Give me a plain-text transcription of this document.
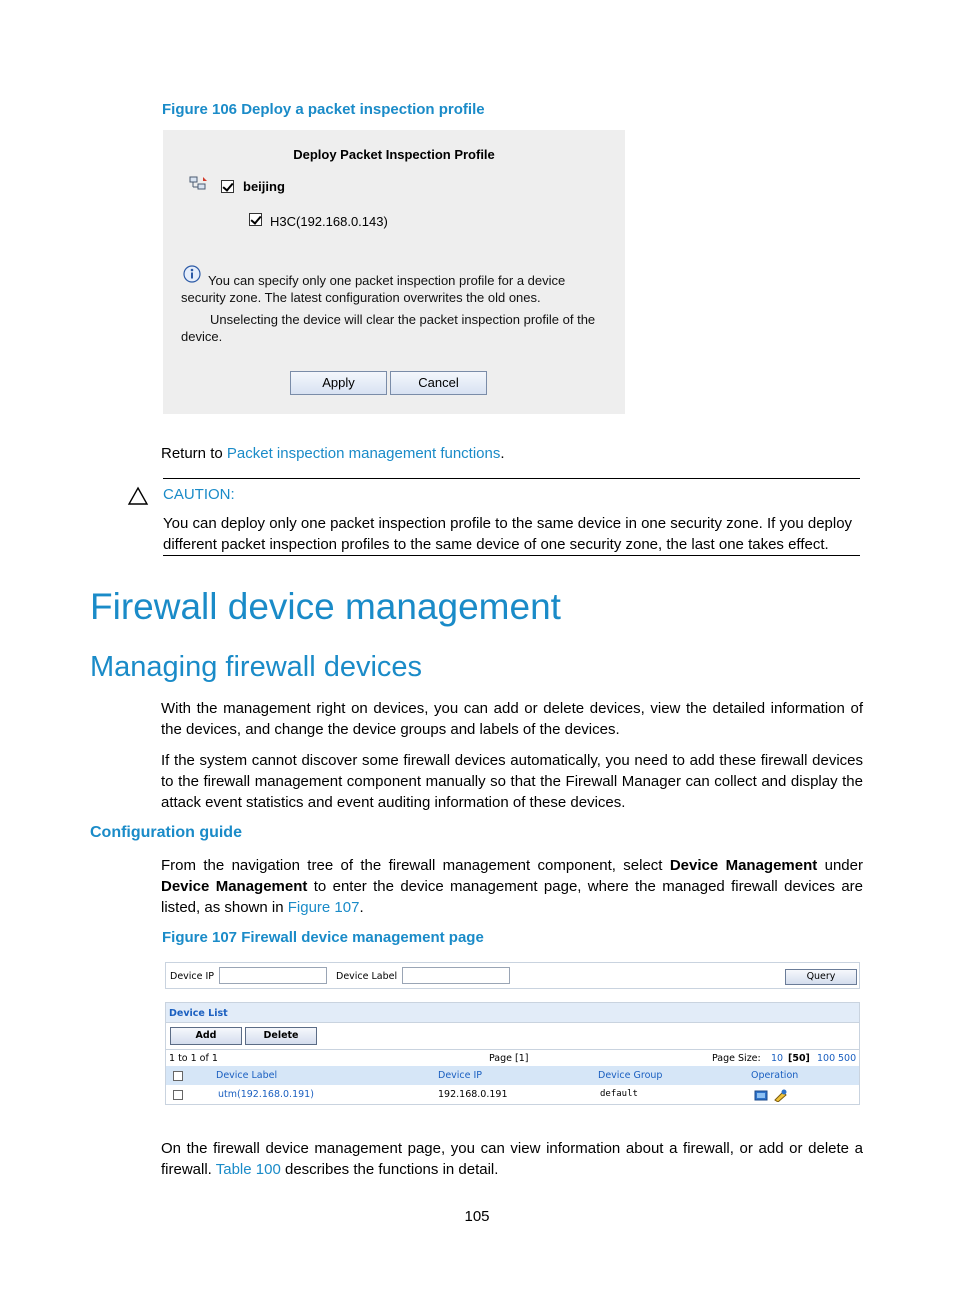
Figure 106 Deploy a packet inspection profile
Deploy Packet Inspection Profile
beijing
H3C(192.168.0.143)
You can specify only one packet inspection profile for a device
security zone. The latest configuration overwrites the old ones.
Unselecting the device will clear the packet inspection profile of the
device.
Apply	Cancel
Return to Packet inspection management functions.
CAUTION:
You can deploy only one packet inspection profile to the same device in one security zone. If you deploy
different packet inspection profiles to the same device of one security zone, the last one takes effect.
Firewall device management
Managing firewall devices
With the management right on devices, you can add or delete devices, view the detailed information of the devices, and change the device groups and labels of the devices.
If the system cannot discover some firewall devices automatically, you need to add these firewall devices to the firewall management component manually so that the Firewall Manager can collect and display the attack event statistics and event auditing information of these devices.
Configuration guide
From the navigation tree of the firewall management component, select Device Management under Device Management to enter the device management page, where the managed firewall devices are listed, as shown in Figure 107.
Figure 107 Firewall device management page
Device IP	Device Label	Query
Device List
Add	Delete
1 to 1 of 1	Page [1]	Page Size: 10 [50] 100 500
Device Label	Device IP	Device Group	Operation
utm(192.168.0.191)	192.168.0.191	default
On the firewall device management page, you can view information about a firewall, or add or delete a firewall. Table 100 describes the functions in detail.
105
